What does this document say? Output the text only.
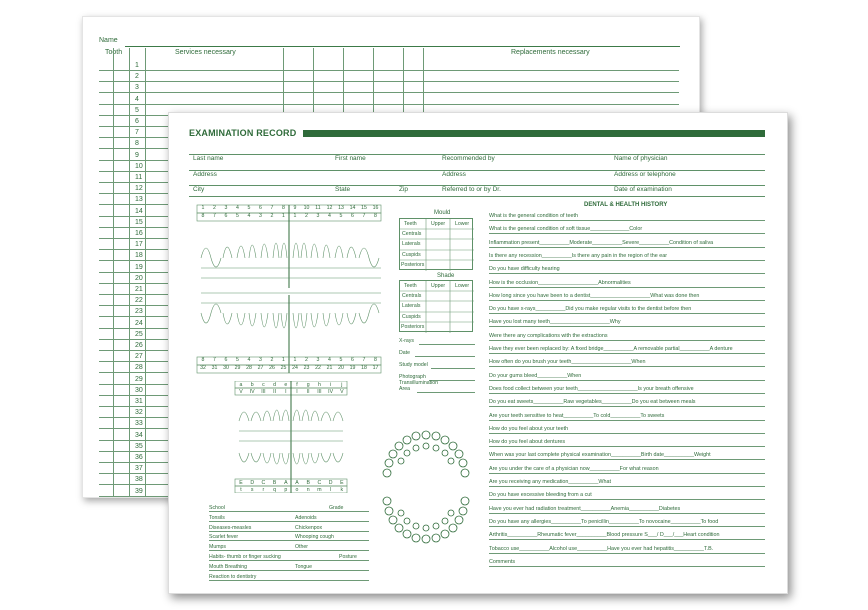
Name
Tooth	Services necessary	Replacements necessary
1
2
3
4
5
6
7
8
9
10
11
12
13
14
15
16
17
18
19
20
21
22
23
24
25
26
27
28
29
30
31
32
33
34
35
36
37
38
39
EXAMINATION RECORD
Last name	First name	Recommended by	Name of physician
Address	Address	Address or telephone
City	State	Zip	Referred to or by Dr.	Date of examination
Mould
Teeth	Upper Lower
Centrals
Laterals
Cuspids
Posteriors
Shade
Teeth	Upper Lower
Centrals
Laterals
Cuspids
Posteriors
X-rays
Date
Study model
Photograph
Transillumination
Area
DENTAL & HEALTH HISTORY
1	2	3	4	5	6	7	8	9	10	11	12	13	14	15	16
8	7	6	5	4	3	2	1	1	2	3	4	5	6	7	8
8	7	6	5	4	3	2	1	1	2	3	4	5	6	7	8
32	31	30	29	28	27	26	25	24	23	22	21	20	19	18	17
a	b	c	d	e	f	g	h	i	j
V	IV	III	II	I	I	II	III	IV	V
E	D	C	B	A	A	B	C	D	E
t	s	r	q	p	o	n	m	l	k
What is the general condition of teeth
What is the general condition of soft tissue_____________Color
Inflammation present__________Moderate__________Severe__________Condition of saliva
Is there any recession__________Is there any pain in the region of the ear
Do you have difficulty hearing
How is the occlusion____________________Abnormalities
How long since you have been to a dentist____________________What was done then
Do you have x-rays__________Did you make regular visits to the dentist before then
Have you lost many teeth____________________Why
Were there any complications with the extractions
Have they ever been replaced by: A fixed bridge__________A removable partial__________A denture
How often do you brush your teeth____________________When
Do your gums bleed__________When
Does food collect between your teeth____________________Is your breath offensive
Do you eat sweets__________Raw vegetables__________Do you eat between meals
Are your teeth sensitive to heat__________To cold__________To sweets
How do you feel about your teeth
How do you feel about dentures
When was your last complete physical examination__________Birth date__________Weight
Are you under the care of a physician now__________For what reason
Are you receiving any medication__________What
Do you have excessive bleeding from a cut
Have you ever had radiation treatment__________Anemia__________Diabetes
Do you have any allergies__________To penicillin__________To novocaine__________To food
Arthritis__________Rheumatic fever__________Blood pressure S___/ D___/___Heart condition
Tobacco use__________Alcohol use__________Have you ever had hepatitis__________T.B.
Comments
School	Grade
Tonsils	Adenoids
Diseases-measles	Chickenpox
Scarlet fever	Whooping cough
Mumps	Other
Habits- thumb or finger sucking	Posture
Mouth Breathing	Tongue
Reaction to dentistry
